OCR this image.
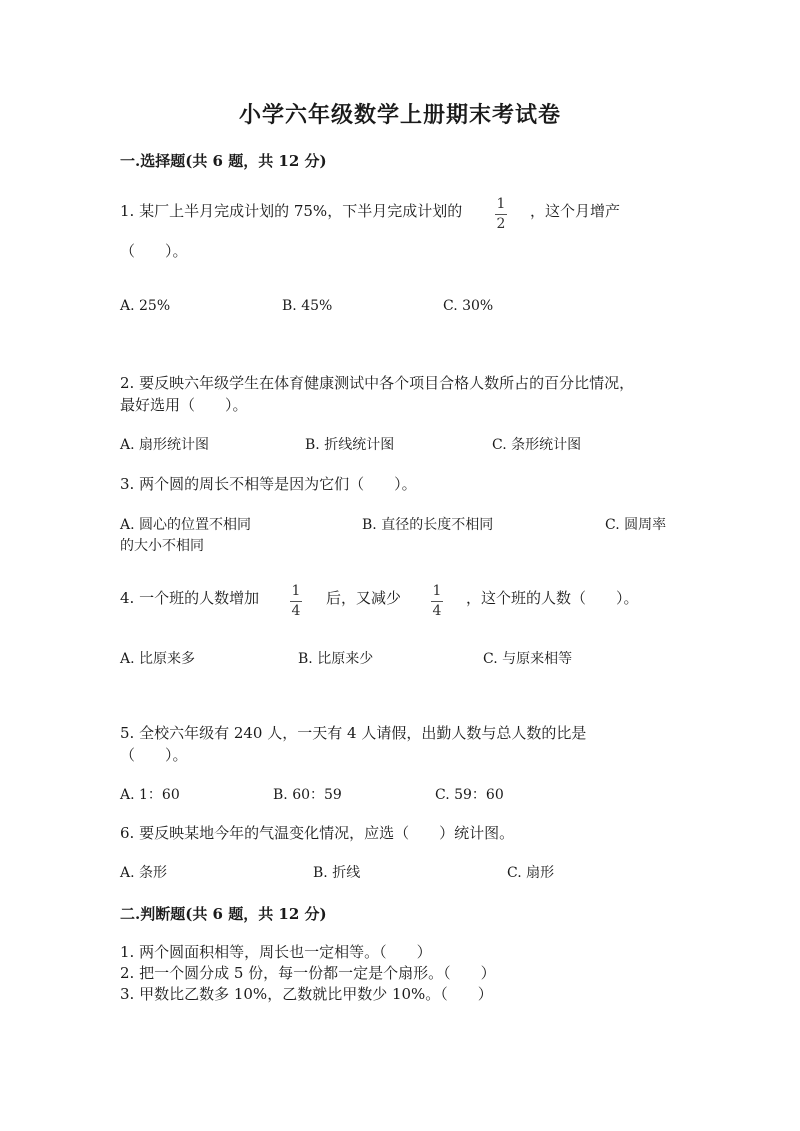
小学六年级数学上册期末考试卷
一.选择题(共 6 题，共 12 分)
1. 某厂上半月完成计划的 75%，下半月完成计划的 1
2
，这个月增产
（　　）。
A. 25%	B. 45%	C. 30%
2. 要反映六年级学生在体育健康测试中各个项目合格人数所占的百分比情况，
最好选用（　　）。
A. 扇形统计图	B. 折线统计图	C. 条形统计图
3. 两个圆的周长不相等是因为它们（　　）。
A. 圆心的位置不相同	B. 直径的长度不相同	C. 圆周率
的大小不相同
4. 一个班的人数增加 1
4
后，又减少 1
4
，这个班的人数（　　）。
A. 比原来多	B. 比原来少	C. 与原来相等
5. 全校六年级有 240 人，一天有 4 人请假，出勤人数与总人数的比是
（　　）。
A. 1：60	B. 60：59	C. 59：60
6. 要反映某地今年的气温变化情况，应选（　　）统计图。
A. 条形	B. 折线	C. 扇形
二.判断题(共 6 题，共 12 分)
1. 两个圆面积相等，周长也一定相等。（　　）
2. 把一个圆分成 5 份，每一份都一定是个扇形。（　　）
3. 甲数比乙数多 10%，乙数就比甲数少 10%。（　　）
